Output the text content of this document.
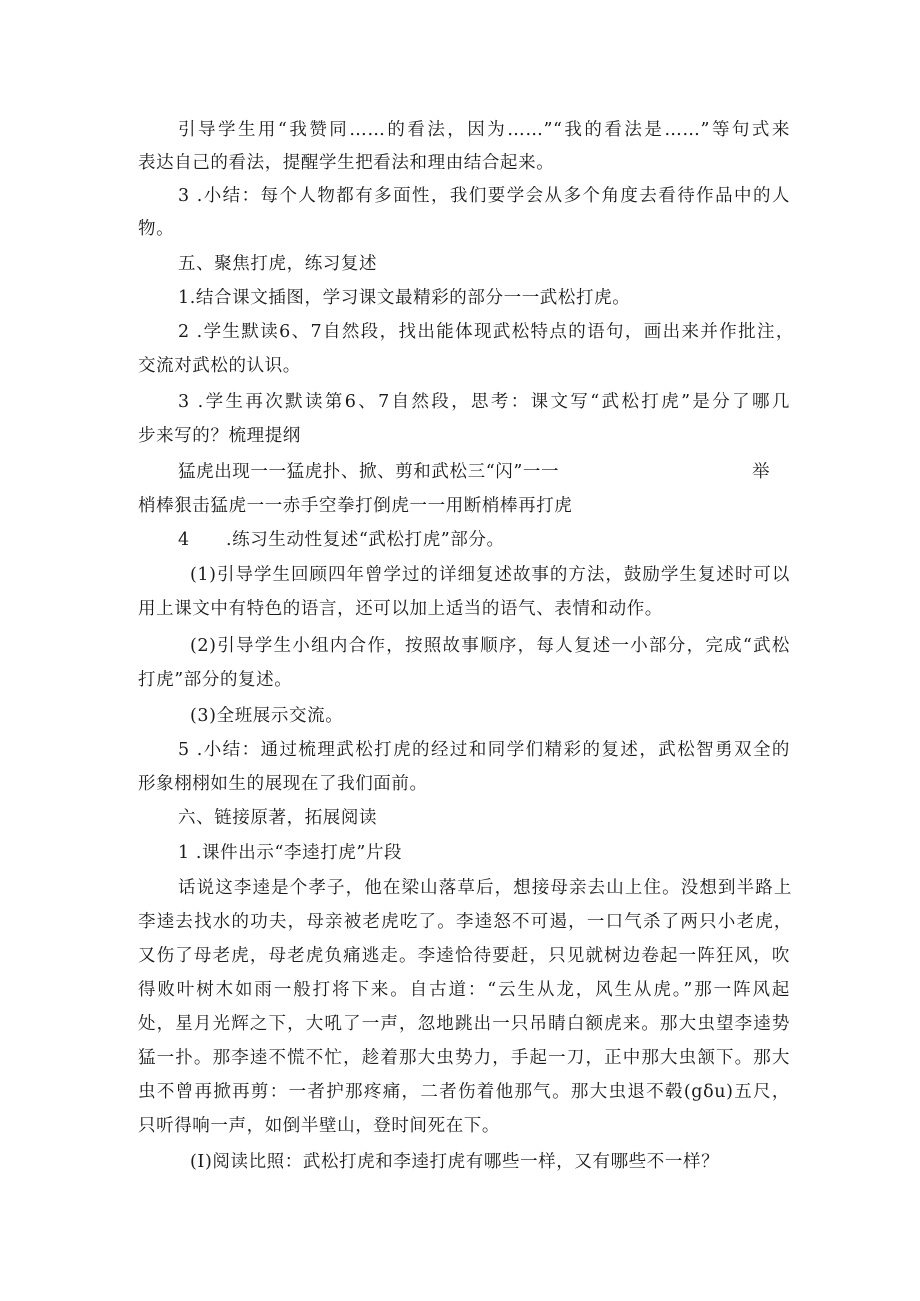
引导学生用“我赞同……的看法，因为……”“我的看法是……”等句式来
表达自己的看法，提醒学生把看法和理由结合起来。
3 .小结：每个人物都有多面性，我们要学会从多个角度去看待作品中的人
物。
五、聚焦打虎，练习复述
1.结合课文插图，学习课文最精彩的部分一一武松打虎。
2 .学生默读6、7自然段，找出能体现武松特点的语句，画出来并作批注，
交流对武松的认识。
3 .学生再次默读第6、7自然段，思考：课文写“武松打虎”是分了哪几
步来写的？梳理提纲
猛虎出现一一猛虎扑、掀、剪和武松三“闪”一一	举
梢棒狠击猛虎一一赤手空拳打倒虎一一用断梢棒再打虎
4 .练习生动性复述“武松打虎”部分。
(1)引导学生回顾四年曾学过的详细复述故事的方法，鼓励学生复述时可以
用上课文中有特色的语言，还可以加上适当的语气、表情和动作。
(2)引导学生小组内合作，按照故事顺序，每人复述一小部分，完成“武松
打虎”部分的复述。
(3)全班展示交流。
5 .小结：通过梳理武松打虎的经过和同学们精彩的复述，武松智勇双全的
形象栩栩如生的展现在了我们面前。
六、链接原著，拓展阅读
1 .课件出示“李逵打虎”片段
话说这李逵是个孝子，他在梁山落草后，想接母亲去山上住。没想到半路上
李逵去找水的功夫，母亲被老虎吃了。李逵怒不可遏，一口气杀了两只小老虎，
又伤了母老虎，母老虎负痛逃走。李逵恰待要赶，只见就树边卷起一阵狂风，吹
得败叶树木如雨一般打将下来。自古道：“云生从龙，风生从虎。”那一阵风起
处，星月光辉之下，大吼了一声，忽地跳出一只吊睛白额虎来。那大虫望李逵势
猛一扑。那李逵不慌不忙，趁着那大虫势力，手起一刀，正中那大虫颔下。那大
虫不曾再掀再剪：一者护那疼痛，二者伤着他那气。那大虫退不毂(gδu)五尺，
只听得响一声，如倒半壁山，登时间死在下。
(I)阅读比照：武松打虎和李逵打虎有哪些一样，又有哪些不一样？
